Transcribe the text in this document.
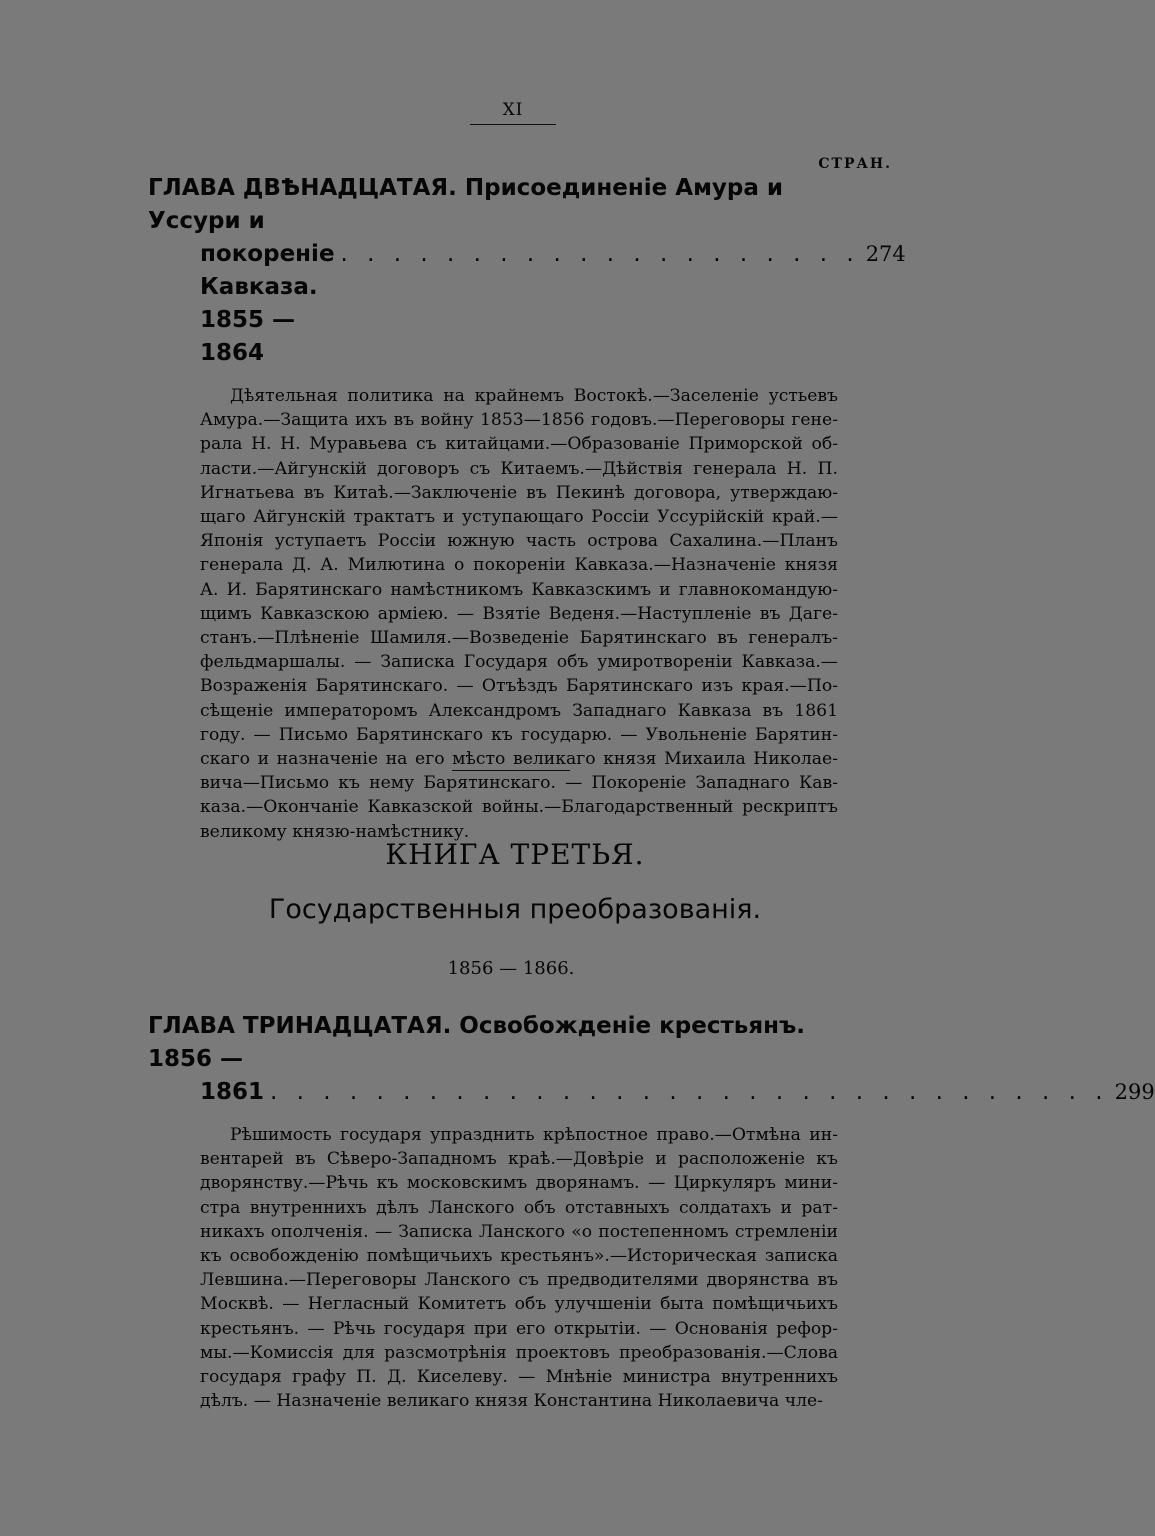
XI
СТРАН.
ГЛАВА ДВѢНАДЦАТАЯ. Присоединеніе Амура и Уссури и
покореніе Кавказа. 1855 — 1864
. . . . . . . . . . . . . . . . . . . . 274

Дѣятельная политика на крайнемъ Востокѣ.—Заселеніе устьевъ Амура.—Защита ихъ въ войну 1853—1856 годовъ.—Переговоры генерала Н. Н. Муравьева съ китайцами.—Образованіе Приморской области.—Айгунскій договоръ съ Китаемъ.—Дѣйствія генерала Н. П. Игнатьева въ Китаѣ.—Заключеніе въ Пекинѣ договора, утверждающаго Айгунскій трактатъ и уступающаго Россіи Уссурійскій край.— Японія уступаетъ Россіи южную часть острова Сахалина.—Планъ генерала Д. А. Милютина о покореніи Кавказа.—Назначеніе князя А. И. Барятинскаго намѣстникомъ Кавказскимъ и главнокомандующимъ Кавказскою арміею. — Взятіе Веденя.—Наступленіе въ Дагестанъ.—Плѣненіе Шамиля.—Возведеніе Барятинскаго въ генералъ-фельдмаршалы. — Записка Государя объ умиротвореніи Кавказа.— Возраженія Барятинскаго. — Отъѣздъ Барятинскаго изъ края.—Посѣщеніе императоромъ Александромъ Западнаго Кавказа въ 1861 году. — Письмо Барятинскаго къ государю. — Увольненіе Барятинскаго и назначеніе на его мѣсто великаго князя Михаила Николаевича—Письмо къ нему Барятинскаго. — Покореніе Западнаго Кавказа.—Окончаніе Кавказской войны.—Благодарственный рескриптъ великому князю-намѣстнику.

КНИГА ТРЕТЬЯ.
Государственныя преобразованія.
1856 — 1866.
ГЛАВА ТРИНАДЦАТАЯ. Освобожденіе крестьянъ. 1856 —
1861 . . . . . . . . . . . . . . . . . . . . . . . . . . . . . . . . 299

Рѣшимость государя упразднить крѣпостное право.—Отмѣна инвентарей въ Сѣверо-Западномъ краѣ.—Довѣріе и расположеніе къ дворянству.—Рѣчь къ московскимъ дворянамъ. — Циркуляръ министра внутреннихъ дѣлъ Ланского объ отставныхъ солдатахъ и ратникахъ ополченія. — Записка Ланского «о постепенномъ стремленіи къ освобожденію помѣщичьихъ крестьянъ».—Историческая записка Левшина.—Переговоры Ланского съ предводителями дворянства въ Москвѣ. — Негласный Комитетъ объ улучшеніи быта помѣщичьихъ крестьянъ. — Рѣчь государя при его открытіи. — Основанія реформы.—Комиссія для разсмотрѣнія проектовъ преобразованія.—Слова государя графу П. Д. Киселеву. — Мнѣніе министра внутреннихъ дѣлъ. — Назначеніе великаго князя Константина Николаевича чле-
